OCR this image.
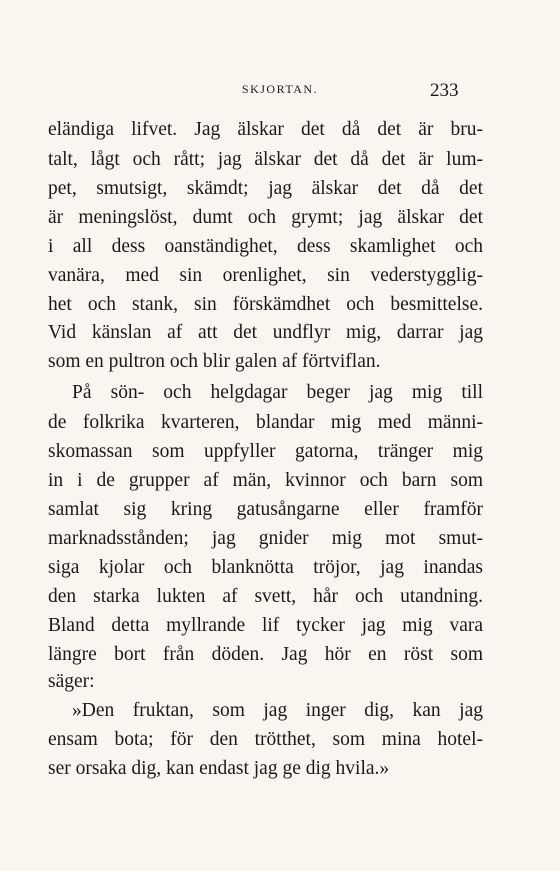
SKJORTAN.	233
eländiga lifvet. Jag älskar det då det är bru-
talt, lågt och rått; jag älskar det då det är lum-
pet, smutsigt, skämdt; jag älskar det då det
är meningslöst, dumt och grymt; jag älskar det
i all dess oanständighet, dess skamlighet och
vanära, med sin orenlighet, sin vederstygglig-
het och stank, sin förskämdhet och besmittelse.
Vid känslan af att det undflyr mig, darrar jag
som en pultron och blir galen af förtviflan.
På sön- och helgdagar beger jag mig till
de folkrika kvarteren, blandar mig med männi-
skomassan som uppfyller gatorna, tränger mig
in i de grupper af män, kvinnor och barn som
samlat sig kring gatusångarne eller framför
marknadsstånden; jag gnider mig mot smut-
siga kjolar och blanknötta tröjor, jag inandas
den starka lukten af svett, hår och utandning.
Bland detta myllrande lif tycker jag mig vara
längre bort från döden. Jag hör en röst som
säger:
»Den fruktan, som jag inger dig, kan jag
ensam bota; för den trötthet, som mina hotel-
ser orsaka dig, kan endast jag ge dig hvila.»
